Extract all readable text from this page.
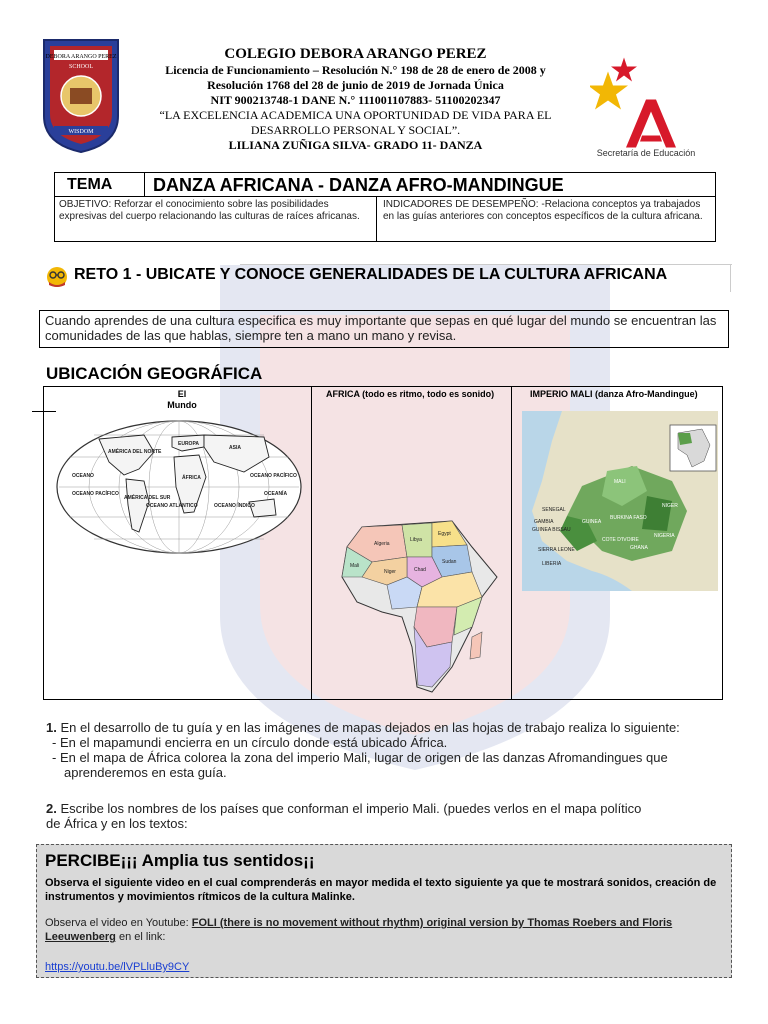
DEBORA ARANGO PEREZ
SCHOOL
WISDOM
COLEGIO DEBORA ARANGO PEREZ
Licencia de Funcionamiento – Resolución N.° 198 de 28 de enero de 2008 y
Resolución 1768 del 28 de junio de 2019 de Jornada Única
NIT 900213748-1 DANE N.° 111001107883- 51100202347
“LA EXCELENCIA ACADEMICA UNA OPORTUNIDAD DE VIDA PARA EL
DESARROLLO PERSONAL Y SOCIAL”.
LILIANA ZUÑIGA SILVA- GRADO 11- DANZA
Secretaría de Educación
TEMA	DANZA AFRICANA - DANZA AFRO-MANDINGUE
OBJETIVO: Reforzar el conocimiento sobre las posibilidades expresivas del cuerpo relacionando las culturas de raíces africanas.
INDICADORES DE DESEMPEÑO: -Relaciona conceptos ya trabajados en las guías anteriores con conceptos específicos de la cultura africana.
RETO 1 - UBICATE Y CONOCE GENERALIDADES DE LA CULTURA AFRICANA
Cuando aprendes de una cultura especifica es muy importante que sepas en qué lugar del mundo se encuentran las comunidades de las que hablas, siempre ten a mano un mano y revisa.
UBICACIÓN GEOGRÁFICA
El
Mundo
OCEANO
OCEANO PACÍFICO
OCEANO ATLÁNTICO
OCEANO PACÍFICO
OCEANO ÍNDICO
OCEANÍA
ASIA
EUROPA
ÁFRICA
AMÉRICA DEL SUR
AMÉRICA DEL NORTE
AFRICA (todo es ritmo, todo es sonido)
Algeria
Libya
Egypt
Sudan
Chad
Niger
Mali
IMPERIO MALI (danza Afro-Mandingue)
MALI
NIGER
SENEGAL
GUINEA
BURKINA FASO
SIERRA LEONE
COTE D'IVOIRE
GHANA
NIGERIA
LIBERIA
GAMBIA
GUINEA BISSAU
1. En el desarrollo de tu guía y en las imágenes de mapas dejados en las hojas de trabajo realiza lo siguiente:
- En el mapamundi encierra en un círculo donde está ubicado África.
- En el mapa de África colorea la zona del imperio Mali, lugar de origen de las danzas Afromandingues que
aprenderemos en esta guía.
2. Escribe los nombres de los países que conforman el imperio Mali. (puedes verlos en el mapa político
de África y en los textos:
PERCIBE¡¡¡ Amplia tus sentidos¡¡
Observa el siguiente video en el cual comprenderás en mayor medida el texto siguiente ya que te mostrará sonidos, creación de instrumentos y movimientos rítmicos de la cultura Malinke.
Observa el video en Youtube: FOLI (there is no movement without rhythm) original version by Thomas Roebers and Floris Leeuwenberg en el link:
https://youtu.be/lVPLluBy9CY
